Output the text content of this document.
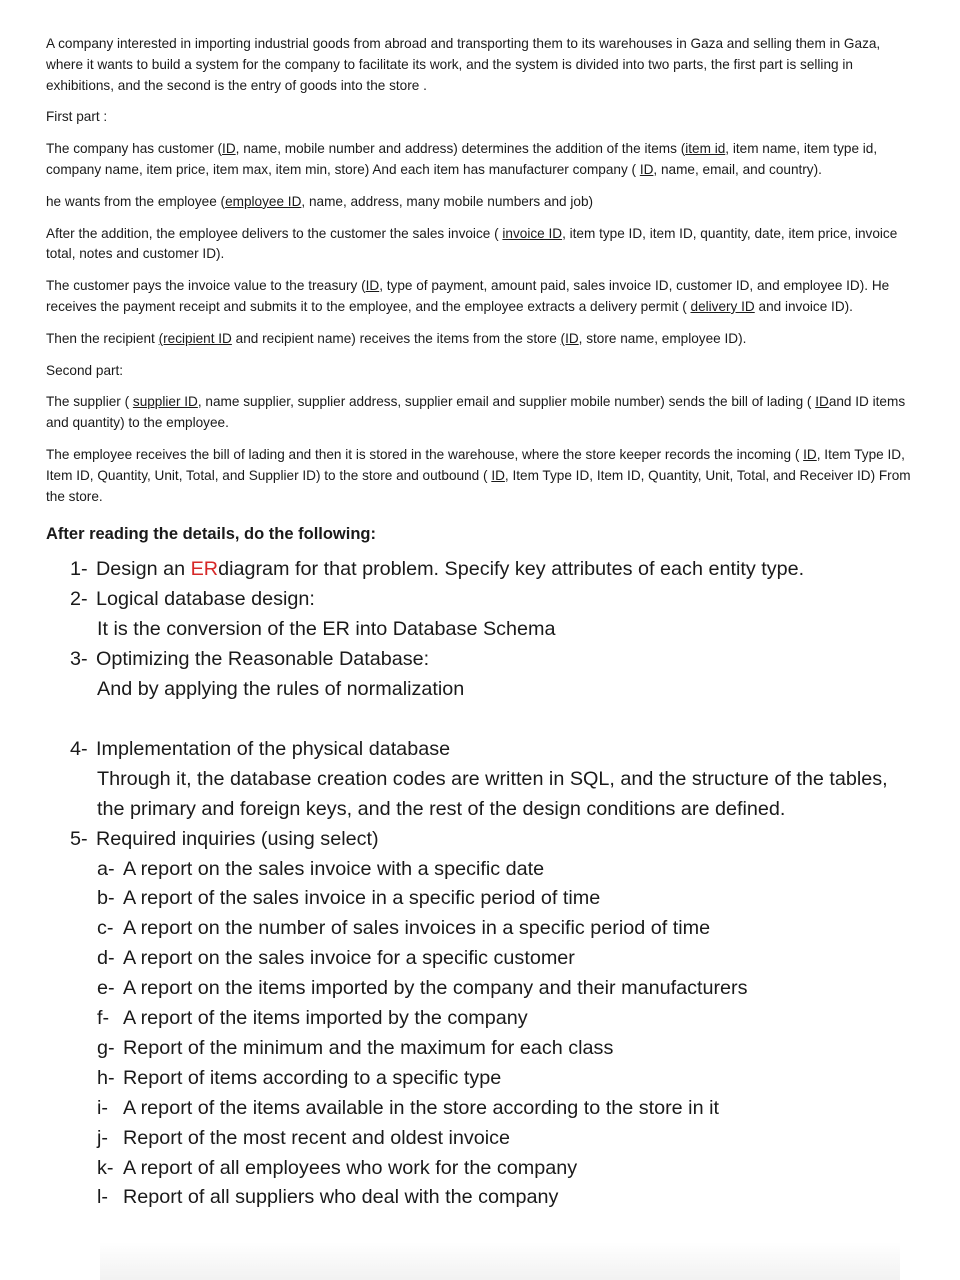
A company interested in importing industrial goods from abroad and transporting them to its warehouses in Gaza and selling them in Gaza, where it wants to build a system for the company to facilitate its work, and the system is divided into two parts, the first part is selling in exhibitions, and the second is the entry of goods into the store .

First part :

The company has customer (ID, name, mobile number and address) determines the addition of the items (item id, item name, item type id, company name, item price, item max, item min, store) And each item has manufacturer company ( ID, name, email, and country).

he wants from the employee (employee ID, name, address, many mobile numbers and job)

After the addition, the employee delivers to the customer the sales invoice ( invoice ID, item type ID, item ID, quantity, date, item price, invoice total, notes and customer ID).

The customer pays the invoice value to the treasury (ID, type of payment, amount paid, sales invoice ID, customer ID, and employee ID). He receives the payment receipt and submits it to the employee, and the employee extracts a delivery permit ( delivery ID and invoice ID).

Then the recipient (recipient ID and recipient name) receives the items from the store (ID, store name, employee ID).

Second part:

The supplier ( supplier ID, name supplier, supplier address, supplier email and supplier mobile number) sends the bill of lading ( IDand ID items and quantity) to the employee.

The employee receives the bill of lading and then it is stored in the warehouse, where the store keeper records the incoming ( ID, Item Type ID, Item ID, Quantity, Unit, Total, and Supplier ID) to the store and outbound ( ID, Item Type ID, Item ID, Quantity, Unit, Total, and Receiver ID) From the store.

After reading the details, do the following:
1- Design an ERdiagram for that problem. Specify key attributes of each entity type.
2- Logical database design:
It is the conversion of the ER into Database Schema
3- Optimizing the Reasonable Database:
And by applying the rules of normalization
4- Implementation of the physical database
Through it, the database creation codes are written in SQL, and the structure of the tables, the primary and foreign keys, and the rest of the design conditions are defined.
5- Required inquiries (using select)
a- A report on the sales invoice with a specific date
b- A report of the sales invoice in a specific period of time
c- A report on the number of sales invoices in a specific period of time
d- A report on the sales invoice for a specific customer
e- A report on the items imported by the company and their manufacturers
f- A report of the items imported by the company
g- Report of the minimum and the maximum for each class
h- Report of items according to a specific type
i- A report of the items available in the store according to the store in it
j- Report of the most recent and oldest invoice
k- A report of all employees who work for the company
l- Report of all suppliers who deal with the company
